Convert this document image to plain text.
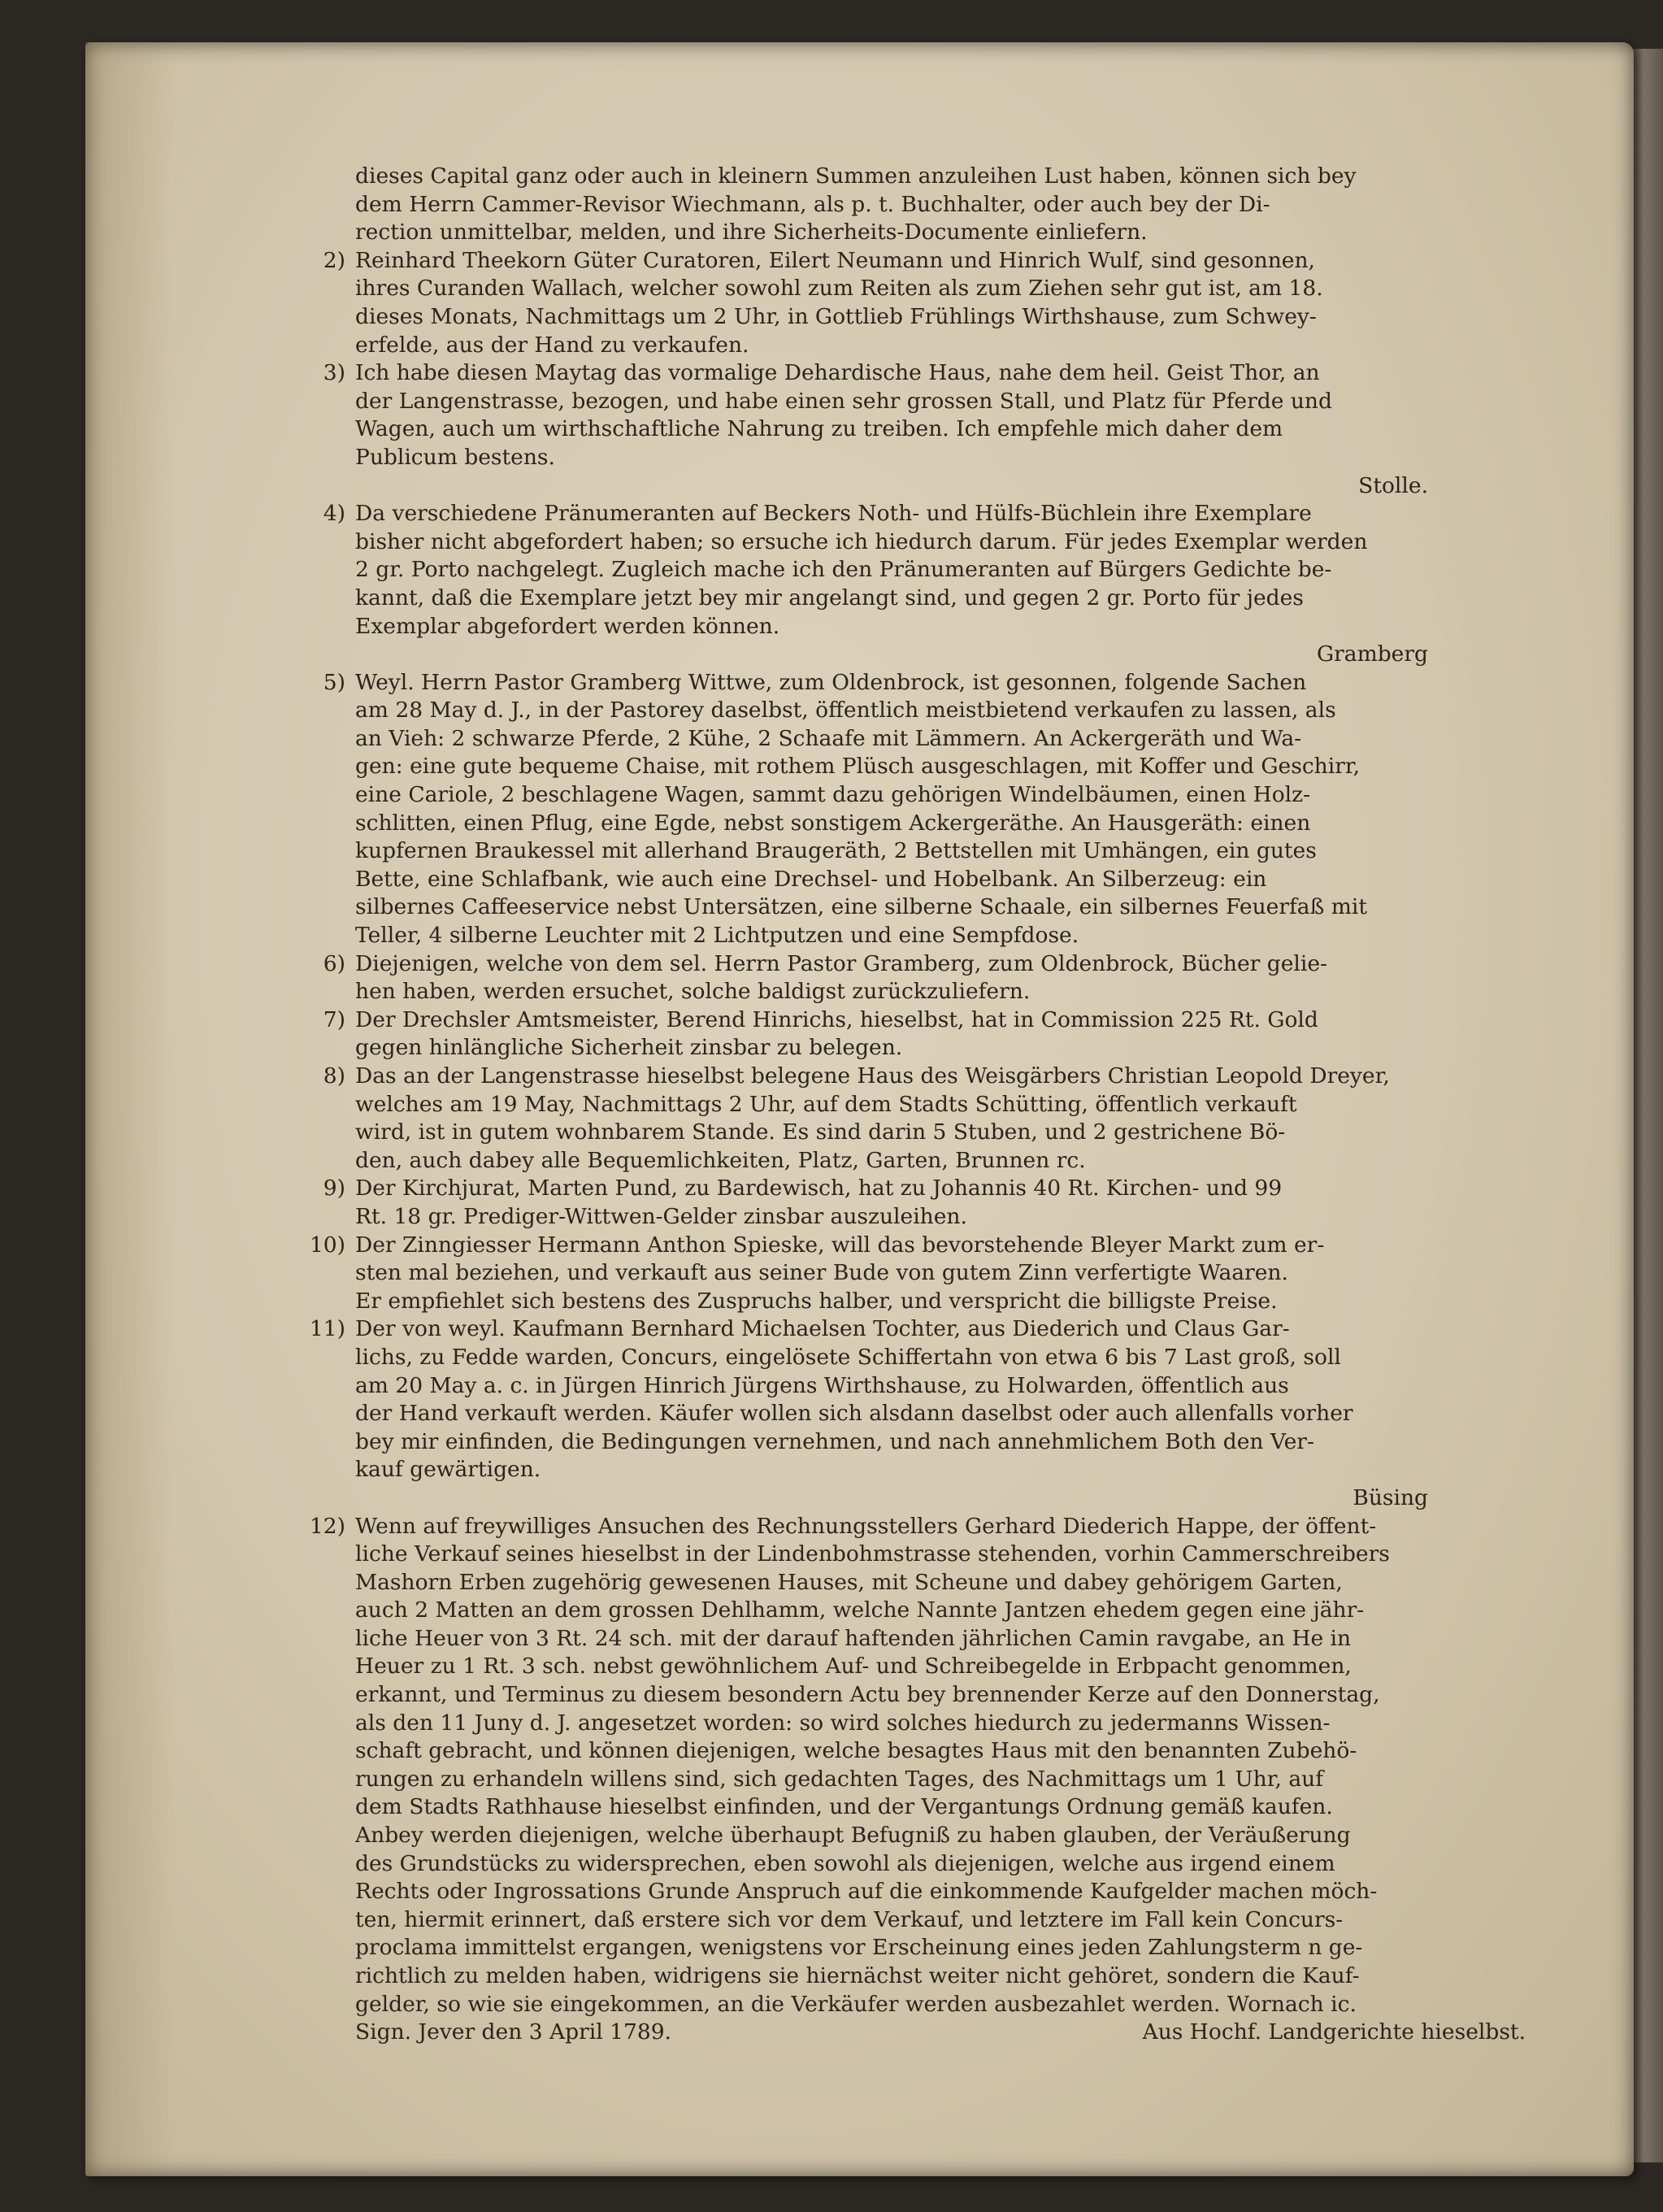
dieses Capital ganz oder auch in kleinern Summen anzuleihen Lust haben, können sich bey
dem Herrn Cammer-Revisor Wiechmann, als p. t. Buchhalter, oder auch bey der Di-
rection unmittelbar, melden, und ihre Sicherheits-Documente einliefern.
2) Reinhard Theekorn Güter Curatoren, Eilert Neumann und Hinrich Wulf, sind gesonnen,
ihres Curanden Wallach, welcher sowohl zum Reiten als zum Ziehen sehr gut ist, am 18.
dieses Monats, Nachmittags um 2 Uhr, in Gottlieb Frühlings Wirthshause, zum Schwey-
erfelde, aus der Hand zu verkaufen.
3) Ich habe diesen Maytag das vormalige Dehardische Haus, nahe dem heil. Geist Thor, an
der Langenstrasse, bezogen, und habe einen sehr grossen Stall, und Platz für Pferde und
Wagen, auch um wirthschaftliche Nahrung zu treiben. Ich empfehle mich daher dem
Publicum bestens.
Stolle.
4) Da verschiedene Pränumeranten auf Beckers Noth- und Hülfs-Büchlein ihre Exemplare
bisher nicht abgefordert haben; so ersuche ich hiedurch darum. Für jedes Exemplar werden
2 gr. Porto nachgelegt. Zugleich mache ich den Pränumeranten auf Bürgers Gedichte be-
kannt, daß die Exemplare jetzt bey mir angelangt sind, und gegen 2 gr. Porto für jedes
Exemplar abgefordert werden können.
Gramberg
5) Weyl. Herrn Pastor Gramberg Wittwe, zum Oldenbrock, ist gesonnen, folgende Sachen
am 28 May d. J., in der Pastorey daselbst, öffentlich meistbietend verkaufen zu lassen, als
an Vieh: 2 schwarze Pferde, 2 Kühe, 2 Schaafe mit Lämmern. An Ackergeräth und Wa-
gen: eine gute bequeme Chaise, mit rothem Plüsch ausgeschlagen, mit Koffer und Geschirr,
eine Cariole, 2 beschlagene Wagen, sammt dazu gehörigen Windelbäumen, einen Holz-
schlitten, einen Pflug, eine Egde, nebst sonstigem Ackergeräthe. An Hausgeräth: einen
kupfernen Braukessel mit allerhand Braugeräth, 2 Bettstellen mit Umhängen, ein gutes
Bette, eine Schlafbank, wie auch eine Drechsel- und Hobelbank. An Silberzeug: ein
silbernes Caffeeservice nebst Untersätzen, eine silberne Schaale, ein silbernes Feuerfaß mit
Teller, 4 silberne Leuchter mit 2 Lichtputzen und eine Sempfdose.
6) Diejenigen, welche von dem sel. Herrn Pastor Gramberg, zum Oldenbrock, Bücher gelie-
hen haben, werden ersuchet, solche baldigst zurückzuliefern.
7) Der Drechsler Amtsmeister, Berend Hinrichs, hieselbst, hat in Commission 225 Rt. Gold
gegen hinlängliche Sicherheit zinsbar zu belegen.
8) Das an der Langenstrasse hieselbst belegene Haus des Weisgärbers Christian Leopold Dreyer,
welches am 19 May, Nachmittags 2 Uhr, auf dem Stadts Schütting, öffentlich verkauft
wird, ist in gutem wohnbarem Stande. Es sind darin 5 Stuben, und 2 gestrichene Bö-
den, auch dabey alle Bequemlichkeiten, Platz, Garten, Brunnen rc.
9) Der Kirchjurat, Marten Pund, zu Bardewisch, hat zu Johannis 40 Rt. Kirchen- und 99
Rt. 18 gr. Prediger-Wittwen-Gelder zinsbar auszuleihen.
10) Der Zinngiesser Hermann Anthon Spieske, will das bevorstehende Bleyer Markt zum er-
sten mal beziehen, und verkauft aus seiner Bude von gutem Zinn verfertigte Waaren.
Er empfiehlet sich bestens des Zuspruchs halber, und verspricht die billigste Preise.
11) Der von weyl. Kaufmann Bernhard Michaelsen Tochter, aus Diederich und Claus Gar-
lichs, zu Fedde warden, Concurs, eingelösete Schiffertahn von etwa 6 bis 7 Last groß, soll
am 20 May a. c. in Jürgen Hinrich Jürgens Wirthshause, zu Holwarden, öffentlich aus
der Hand verkauft werden. Käufer wollen sich alsdann daselbst oder auch allenfalls vorher
bey mir einfinden, die Bedingungen vernehmen, und nach annehmlichem Both den Ver-
kauf gewärtigen.
Büsing
12) Wenn auf freywilliges Ansuchen des Rechnungsstellers Gerhard Diederich Happe, der öffent-
liche Verkauf seines hieselbst in der Lindenbohmstrasse stehenden, vorhin Cammerschreibers
Mashorn Erben zugehörig gewesenen Hauses, mit Scheune und dabey gehörigem Garten,
auch 2 Matten an dem grossen Dehlhamm, welche Nannte Jantzen ehedem gegen eine jähr-
liche Heuer von 3 Rt. 24 sch. mit der darauf haftenden jährlichen Camin ravgabe, an He in
Heuer zu 1 Rt. 3 sch. nebst gewöhnlichem Auf- und Schreibegelde in Erbpacht genommen,
erkannt, und Terminus zu diesem besondern Actu bey brennender Kerze auf den Donnerstag,
als den 11 Juny d. J. angesetzet worden: so wird solches hiedurch zu jedermanns Wissen-
schaft gebracht, und können diejenigen, welche besagtes Haus mit den benannten Zubehö-
rungen zu erhandeln willens sind, sich gedachten Tages, des Nachmittags um 1 Uhr, auf
dem Stadts Rathhause hieselbst einfinden, und der Vergantungs Ordnung gemäß kaufen.
Anbey werden diejenigen, welche überhaupt Befugniß zu haben glauben, der Veräußerung
des Grundstücks zu widersprechen, eben sowohl als diejenigen, welche aus irgend einem
Rechts oder Ingrossations Grunde Anspruch auf die einkommende Kaufgelder machen möch-
ten, hiermit erinnert, daß erstere sich vor dem Verkauf, und letztere im Fall kein Concurs-
proclama immittelst ergangen, wenigstens vor Erscheinung eines jeden Zahlungsterm n ge-
richtlich zu melden haben, widrigens sie hiernächst weiter nicht gehöret, sondern die Kauf-
gelder, so wie sie eingekommen, an die Verkäufer werden ausbezahlet werden. Wornach ic.
Sign. Jever den 3 April 1789.	Aus Hochf. Landgerichte hieselbst.
